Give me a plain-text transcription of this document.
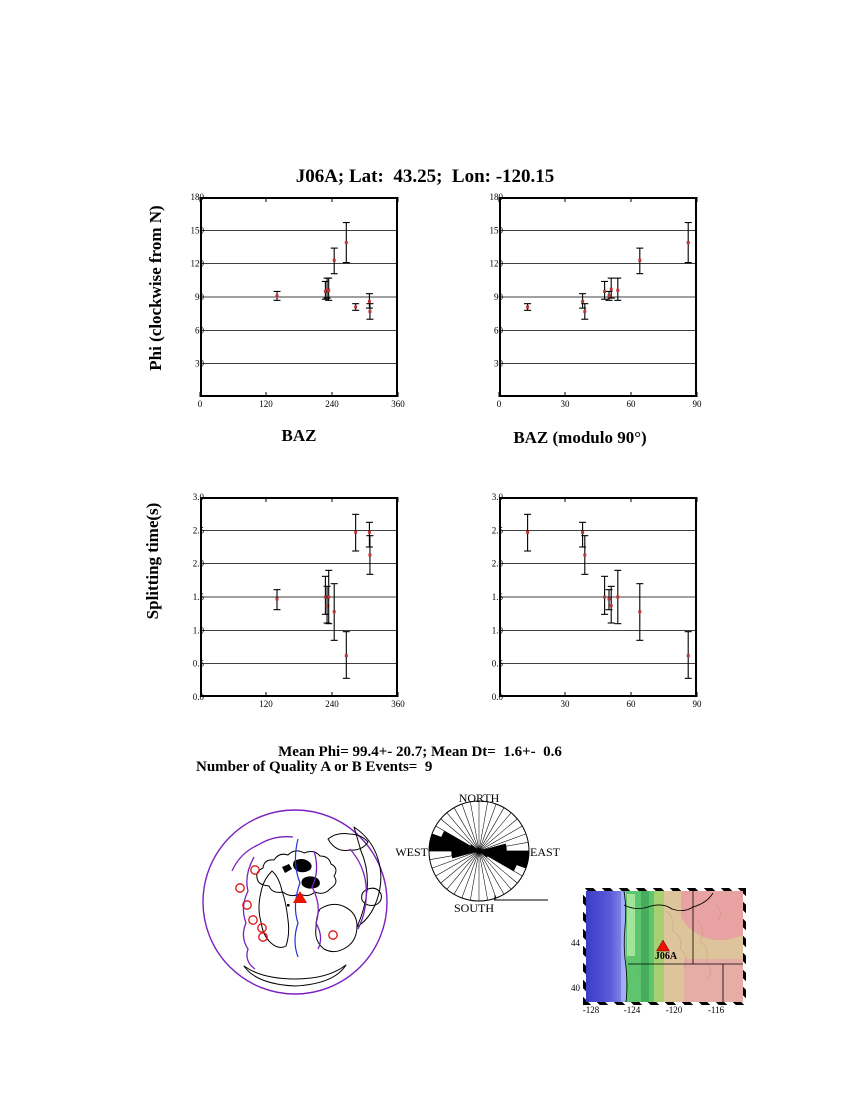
J06A; Lat:  43.25;  Lon: -120.15
Phi (clockwise from N)
Splitting time(s)
30
60
90
120
150
180
0	120	240	360
30
60
90
120
150
180
0	30	60	90
0.0
0.5
1.0
1.5
2.0
2.5
3.0
120	240	360
0.0
0.5
1.0
1.5
2.0
2.5
3.0
30	60	90
BAZ	BAZ (modulo 90°)
Mean Phi= 99.4+- 20.7; Mean Dt=  1.6+-  0.6
Number of Quality A or B Events=  9
NORTH
SOUTH
WEST	EAST
-128	-124	-120	-116
44
40
J06A
